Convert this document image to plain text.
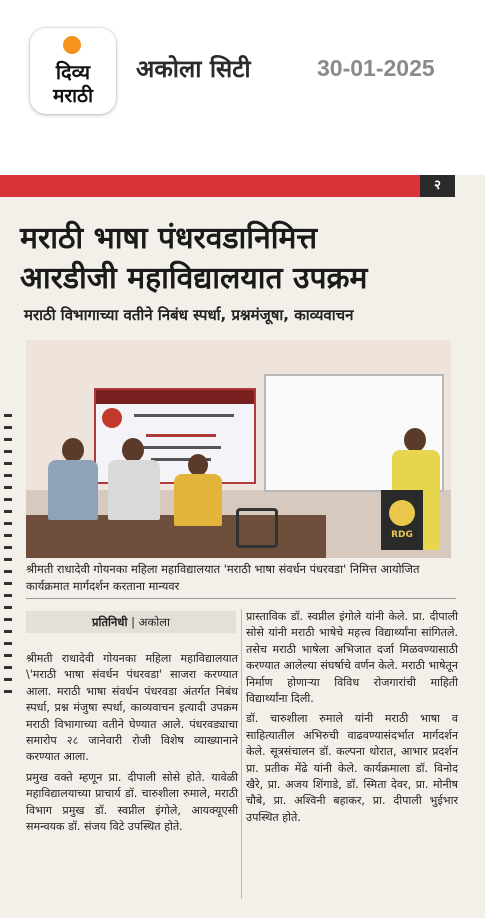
दिव्य
मराठी
अकोला सिटी	30-01-2025
२
मराठी भाषा पंधरवडानिमित्त
आरडीजी महाविद्यालयात उपक्रम
मराठी विभागाच्या वतीने निबंध स्पर्धा, प्रश्नमंजूषा, काव्यवाचन
RDG
श्रीमती राधादेवी गोयनका महिला महाविद्यालयात 'मराठी भाषा संवर्धन पंधरवडा' निमित्त आयोजित कार्यक्रमात मार्गदर्शन करताना मान्यवर
प्रतिनिधी | अकोला

श्रीमती राधादेवी गोयनका महिला महाविद्यालयात \'मराठी भाषा संवर्धन पंधरवडा' साजरा करण्यात आला. मराठी भाषा संवर्धन पंधरवडा अंतर्गत निबंध स्पर्धा, प्रश्न मंजुषा स्पर्धा, काव्यवाचन इत्यादी उपक्रम मराठी विभागाच्या वतीने घेण्यात आले. पंधरवड्याचा समारोप २८ जानेवारी रोजी विशेष व्याख्यानाने करण्यात आला.

प्रमुख वक्ते म्हणून प्रा. दीपाली सोसे होते. यावेळी महाविद्यालयाच्या प्राचार्य डॉ. चारुशीला रुमाले, मराठी विभाग प्रमुख डॉ. स्वप्नील इंगोले, आयक्यूएसी समन्वयक डॉ. संजय विटे उपस्थित होते.

प्रास्ताविक डॉ. स्वप्नील इंगोले यांनी केले. प्रा. दीपाली सोसे यांनी मराठी भाषेचे महत्त्व विद्यार्थ्यांना सांगितले. तसेच मराठी भाषेला अभिजात दर्जा मिळवण्यासाठी करण्यात आलेल्या संघर्षाचे वर्णन केले. मराठी भाषेतून निर्माण होणाऱ्या विविध रोजगारांची माहिती विद्यार्थ्यांना दिली.

डॉ. चारुशीला रुमाले यांनी मराठी भाषा व साहित्यातील अभिरुची वाढवण्यासंदर्भात मार्गदर्शन केले. सूत्रसंचालन डॉ. कल्पना थोरात, आभार प्रदर्शन प्रा. प्रतीक मेंढे यांनी केले. कार्यक्रमाला डॉ. विनोद खैरे, प्रा. अजय शिंगाडे, डॉ. स्मिता देवर, प्रा. मोनीष चौबे, प्रा. अश्विनी बहाकर, प्रा. दीपाली भुईभार उपस्थित होते.
